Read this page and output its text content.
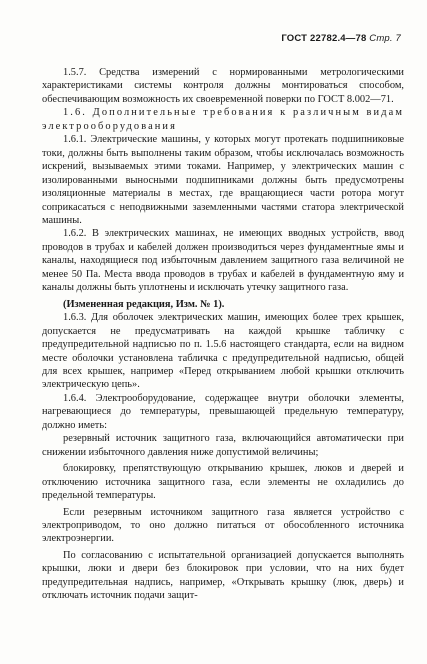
ГОСТ 22782.4—78 Стр. 7

1.5.7. Средства измерений с нормированными метрологическими характеристиками системы контроля должны монтироваться способом, обеспечивающим возможность их своевременной поверки по ГОСТ 8.002—71.

1.6. Дополнительные требования к различным видам электрооборудования

1.6.1. Электрические машины, у которых могут протекать подшипниковые токи, должны быть выполнены таким образом, чтобы исключалась возможность искрений, вызываемых этими токами. Например, у электрических машин с изолированными выносными подшипниками должны быть предусмотрены изоляционные материалы в местах, где вращающиеся части ротора могут соприкасаться с неподвижными заземленными частями статора электрической машины.

1.6.2. В электрических машинах, не имеющих вводных устройств, ввод проводов в трубах и кабелей должен производиться через фундаментные ямы и каналы, находящиеся под избыточным давлением защитного газа величиной не менее 50 Па. Места ввода проводов в трубах и кабелей в фундаментную яму и каналы должны быть уплотнены и исключать утечку защитного газа.

(Измененная редакция, Изм. № 1).

1.6.3. Для оболочек электрических машин, имеющих более трех крышек, допускается не предусматривать на каждой крышке табличку с предупредительной надписью по п. 1.5.6 настоящего стандарта, если на видном месте оболочки установлена табличка с предупредительной надписью, общей для всех крышек, например «Перед открыванием любой крышки отключить электрическую цепь».

1.6.4. Электрооборудование, содержащее внутри оболочки элементы, нагревающиеся до температуры, превышающей предельную температуру, должно иметь:

резервный источник защитного газа, включающийся автоматически при снижении избыточного давления ниже допустимой величины;

блокировку, препятствующую открыванию крышек, люков и дверей и отключению источника защитного газа, если элементы не охладились до предельной температуры.

Если резервным источником защитного газа является устройство с электроприводом, то оно должно питаться от обособленного источника электроэнергии.

По согласованию с испытательной организацией допускается выполнять крышки, люки и двери без блокировок при условии, что на них будет предупредительная надпись, например, «Открывать крышку (люк, дверь) и отключать источник подачи защит-
